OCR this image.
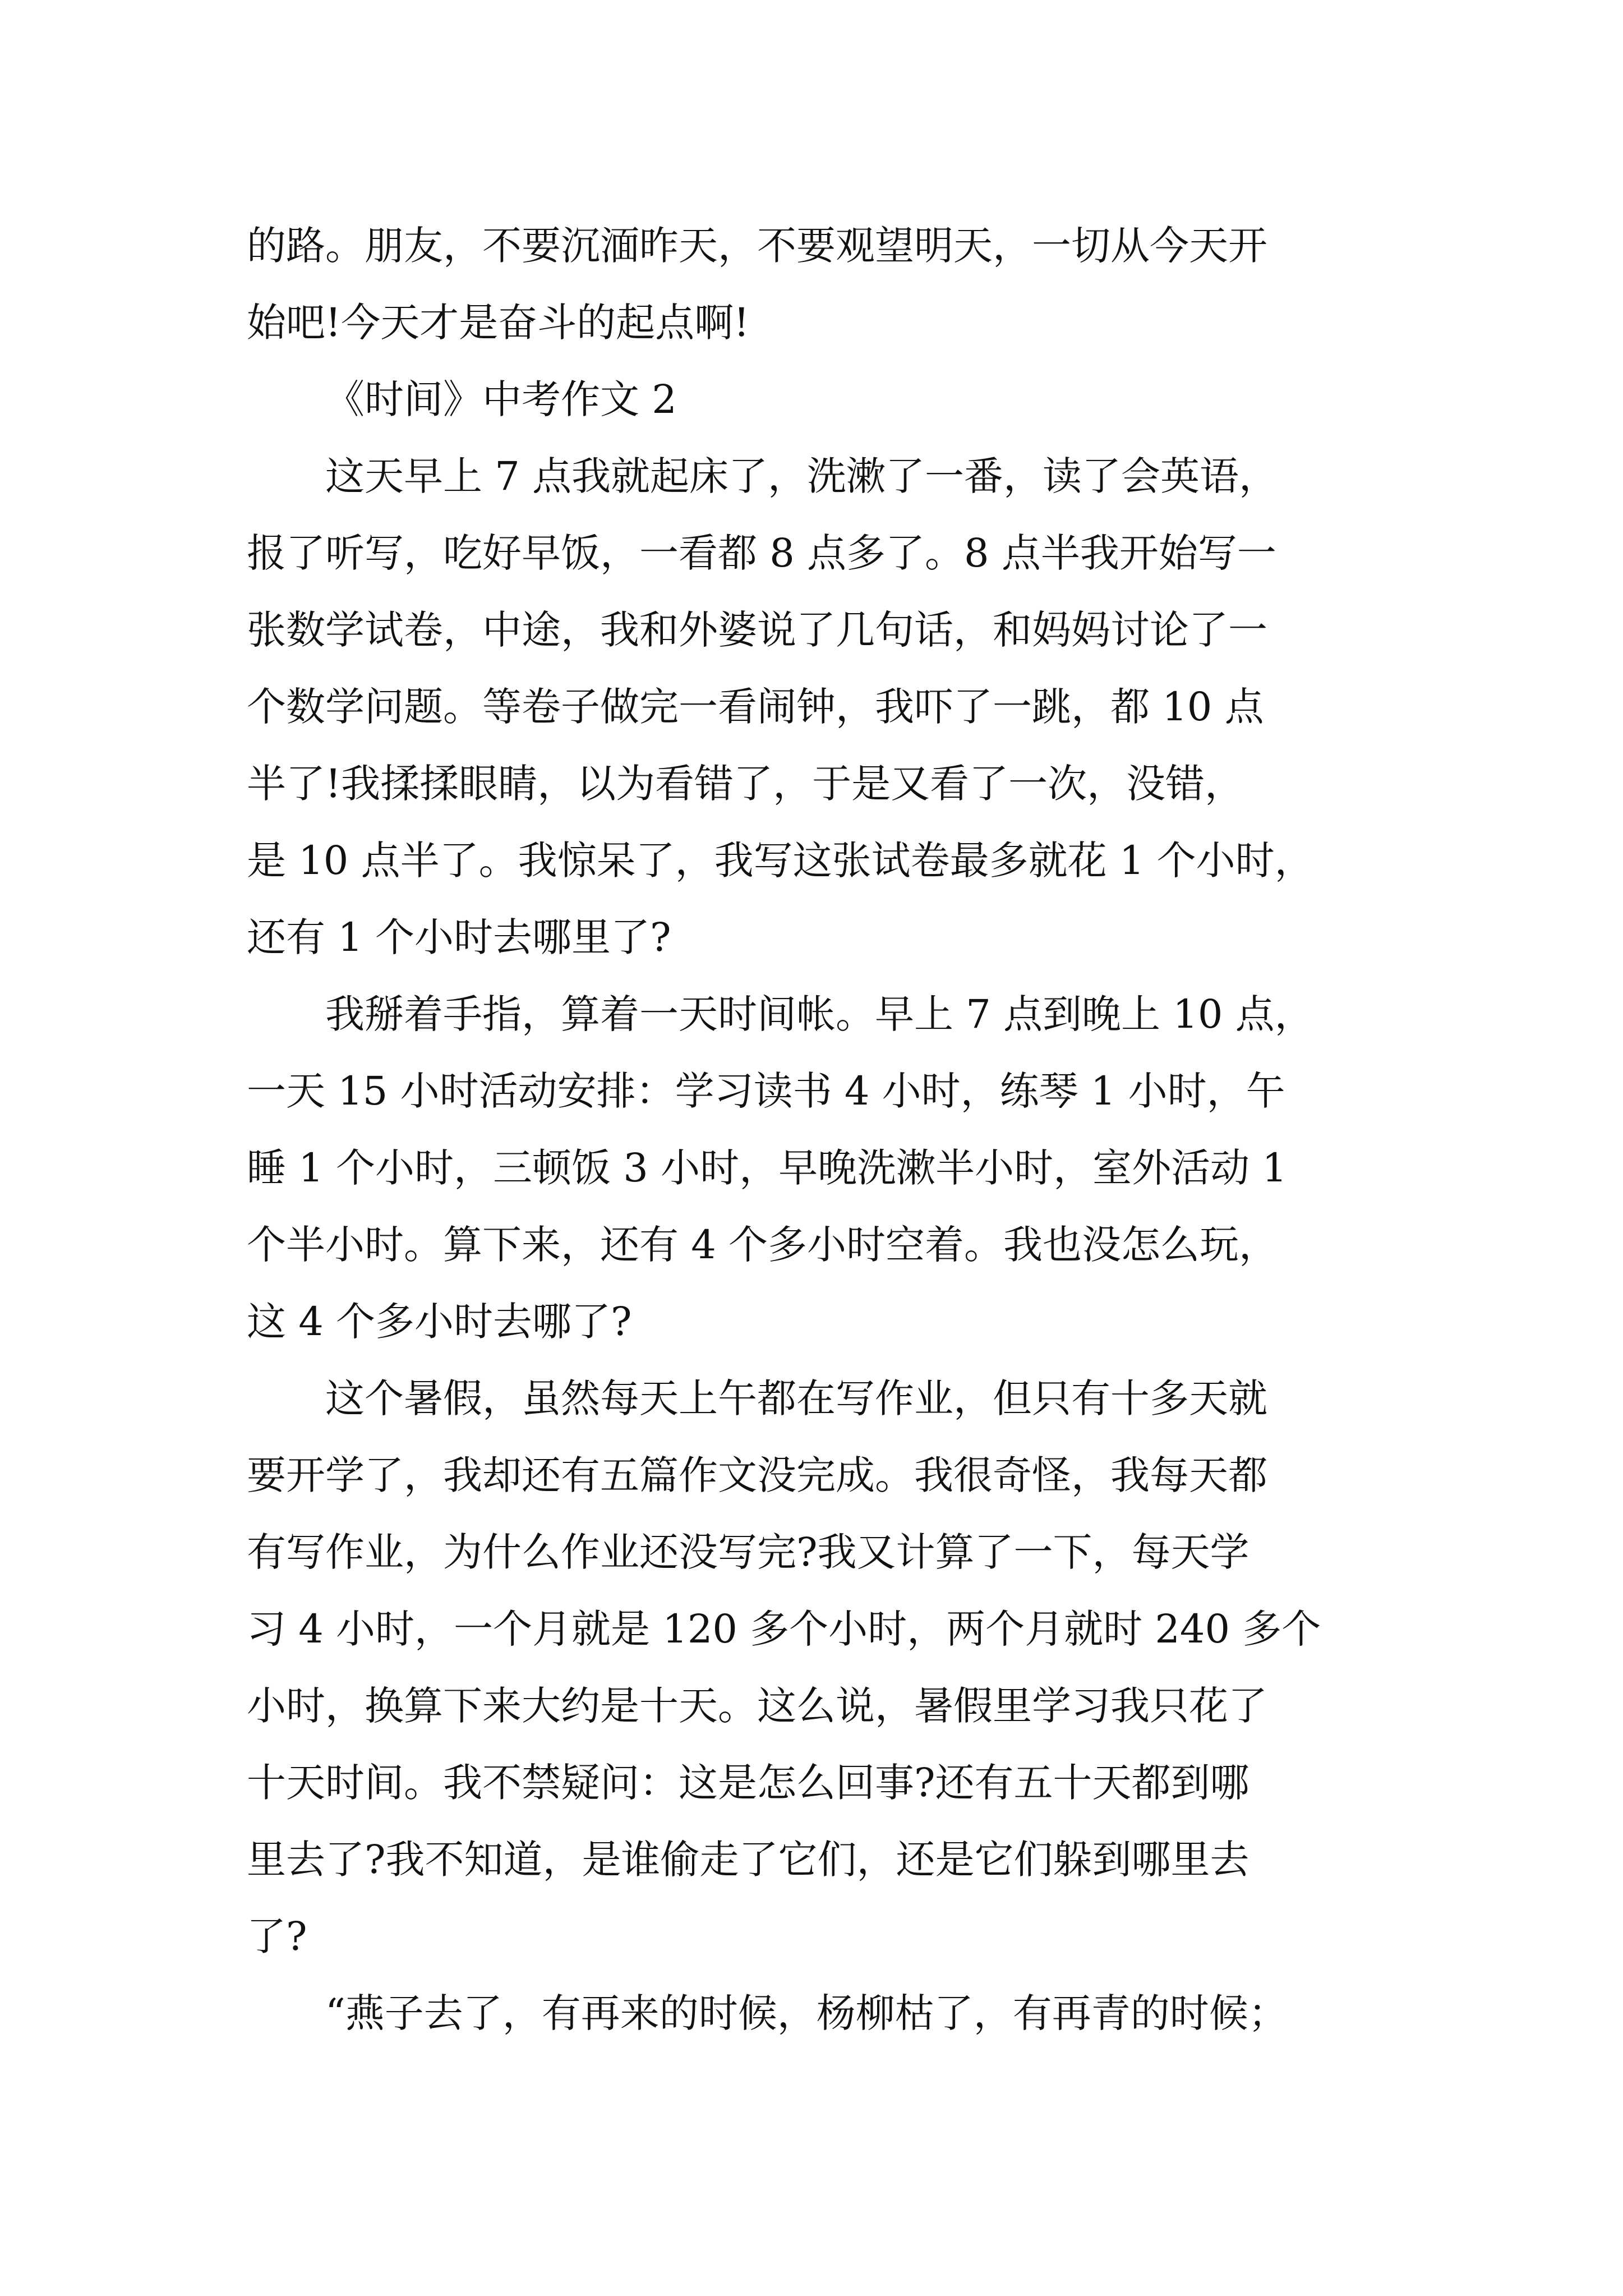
的路。朋友，不要沉湎昨天，不要观望明天，一切从今天开
始吧!今天才是奋斗的起点啊!
《时间》中考作文 2
这天早上 7 点我就起床了，洗漱了一番，读了会英语，
报了听写，吃好早饭，一看都 8 点多了。8 点半我开始写一
张数学试卷，中途，我和外婆说了几句话，和妈妈讨论了一
个数学问题。等卷子做完一看闹钟，我吓了一跳，都 10 点
半了!我揉揉眼睛，以为看错了，于是又看了一次，没错，
是 10 点半了。我惊呆了，我写这张试卷最多就花 1 个小时，
还有 1 个小时去哪里了?
我掰着手指，算着一天时间帐。早上 7 点到晚上 10 点，
一天 15 小时活动安排：学习读书 4 小时，练琴 1 小时，午
睡 1 个小时，三顿饭 3 小时，早晚洗漱半小时，室外活动 1
个半小时。算下来，还有 4 个多小时空着。我也没怎么玩，
这 4 个多小时去哪了?
这个暑假，虽然每天上午都在写作业，但只有十多天就
要开学了，我却还有五篇作文没完成。我很奇怪，我每天都
有写作业，为什么作业还没写完?我又计算了一下，每天学
习 4 小时，一个月就是 120 多个小时，两个月就时 240 多个
小时，换算下来大约是十天。这么说，暑假里学习我只花了
十天时间。我不禁疑问：这是怎么回事?还有五十天都到哪
里去了?我不知道，是谁偷走了它们，还是它们躲到哪里去
了?
“燕子去了，有再来的时候，杨柳枯了，有再青的时候；
